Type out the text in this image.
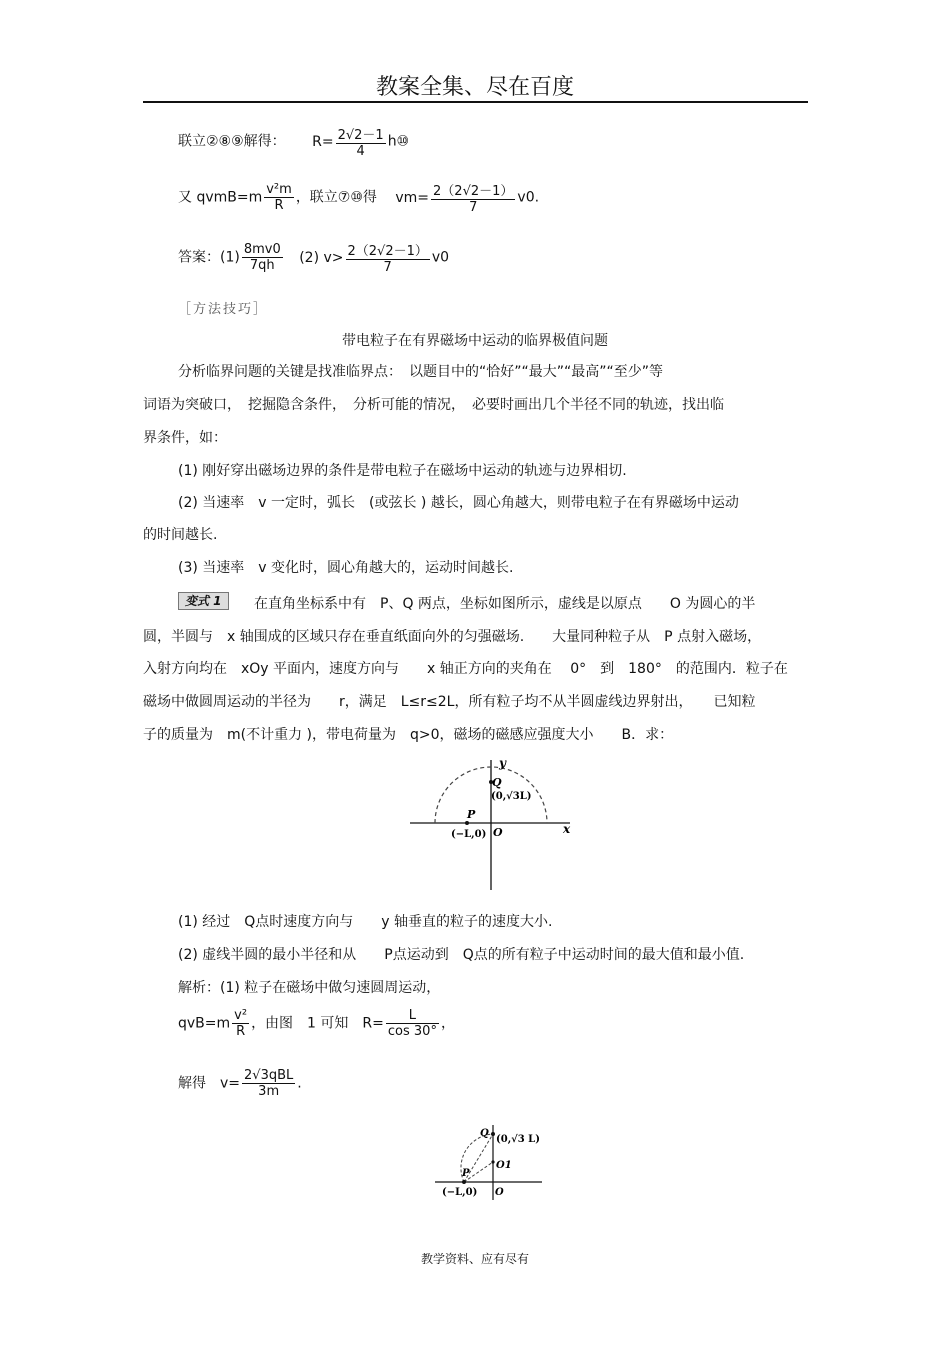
教案全集、尽在百度
联立②⑧⑨解得： $R= \frac{2√2-1}{4}$ h⑩
又 qvmB=m $\frac{\text{v²m}}{R}$ ，联立⑦⑩得 $vm= \frac{2(2√2-1)}{7} v0$.
答案：$(1) \frac{8mv0}{7qh} (2)$ $v> \frac{2(2√2-1)}{7} v0$
［方法技巧］
带电粒子在有界磁场中运动的临界极值问题
分析临界问题的关键是找准临界点：　以题目中的“恰好”“最大”“最高”“至少”等
词语为突破口，　挖掘隐含条件，　分析可能的情况，　必要时画出几个半径不同的轨迹，找出临
界条件，如：
(1) 刚好穿出磁场边界的条件是带电粒子在磁场中运动的轨迹与边界相切.
(2) 当速率　v 一定时，弧长　(或弦长 ) 越长，圆心角越大，则带电粒子在有界磁场中运动
的时间越长.
(3) 当速率　v 变化时，圆心角越大的，运动时间越长.
变式 1	在直角坐标系中有　P、Q 两点，坐标如图所示，虚线是以原点　　O 为圆心的半
圆，半圆与　x 轴围成的区域只存在垂直纸面向外的匀强磁场.　　大量同种粒子从　P 点射入磁场，
入射方向均在　xOy 平面内，速度方向与　　x 轴正方向的夹角在　 0°　到　180°　的范围内．粒子在
磁场中做圆周运动的半径为　　r，满足　L≤r≤2L，所有粒子均不从半圆虚线边界射出，　　已知粒
子的质量为　m(不计重力 )，带电荷量为　q>0，磁场的磁感应强度大小　　B．求：
y
x
Q
(0,√3L)
P
(−L,0) O
(1) 经过　Q点时速度方向与　　y 轴垂直的粒子的速度大小.
(2) 虚线半圆的最小半径和从　　P点运动到　Q点的所有粒子中运动时间的最大值和最小值.
解析：(1) 粒子在磁场中做匀速圆周运动，
$qvB=m \frac{\text{v²}}{R}$ ，由图　1 可知　$R= \frac{L}{\cos 30^\circ}$ ，
解得　$v= \frac{\text{2√3qBL}}{3m}$ .
Q
(0,√3 L)
O1
P
(−L,0) O
教学资料、应有尽有
